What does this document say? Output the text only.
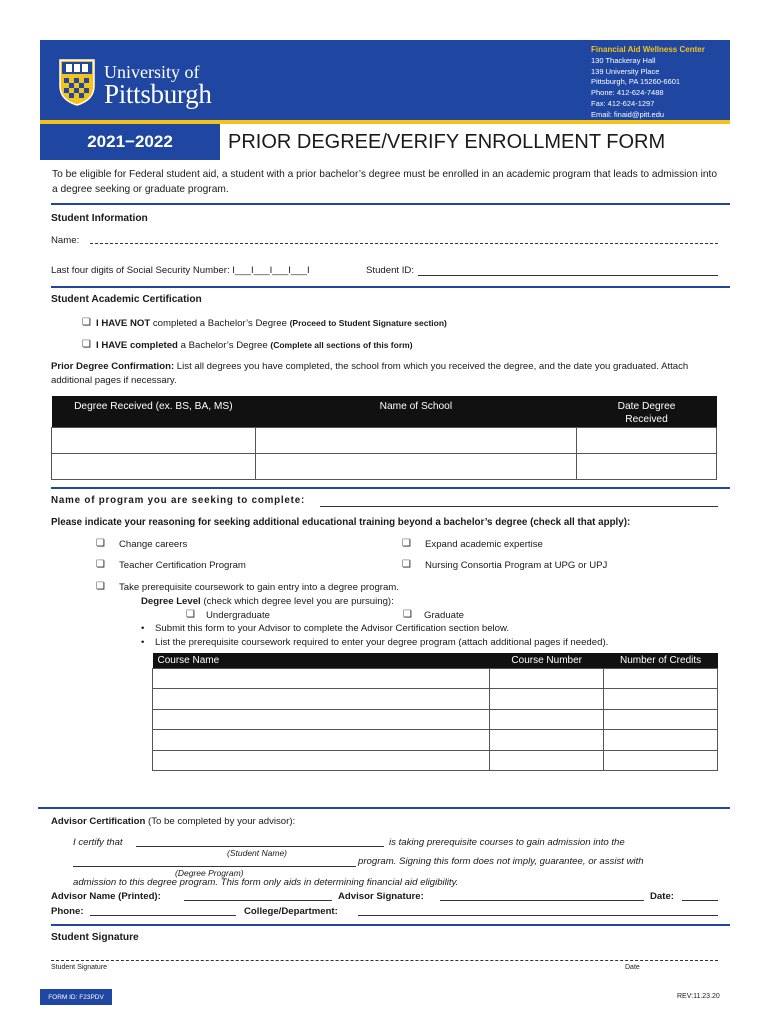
University of
Pittsburgh
Financial Aid Wellness Center
130 Thackeray Hall
139 University Place
Pittsburgh, PA 15260-6601
Phone: 412-624-7488
Fax: 412-624-1297
Email: finaid@pitt.edu
2021−2022	PRIOR DEGREE/VERIFY ENROLLMENT FORM
To be eligible for Federal student aid, a student with a prior bachelor’s degree must be enrolled in an academic program that leads to admission into a degree seeking or graduate program.
Student Information
Name:
Last four digits of Social Security Number: I___I___I___I___I	Student ID:
Student Academic Certification
❏ I HAVE NOT completed a Bachelor’s Degree (Proceed to Student Signature section)
❏ I HAVE completed a Bachelor’s Degree (Complete all sections of this form)
Prior Degree Confirmation: List all degrees you have completed, the school from which you received the degree, and the date you graduated. Attach additional pages if necessary.
Degree Received (ex. BS, BA, MS)	Name of School	Date Degree Received

Name of program you are seeking to complete:
Please indicate your reasoning for seeking additional educational training beyond a bachelor’s degree (check all that apply):
❏ Change careers	❏ Expand academic expertise
❏ Teacher Certification Program	❏ Nursing Consortia Program at UPG or UPJ
❏ Take prerequisite coursework to gain entry into a degree program.
Degree Level (check which degree level you are pursuing):
❏ Undergraduate	❏ Graduate
• Submit this form to your Advisor to complete the Advisor Certification section below.
• List the prerequisite coursework required to enter your degree program (attach additional pages if needed).
Course Name	Course Number	Number of Credits

Advisor Certification (To be completed by your advisor):
I certify that	is taking prerequisite courses to gain admission into the
(Student Name)
program. Signing this form does not imply, guarantee, or assist with
(Degree Program)
admission to this degree program. This form only aids in determining financial aid eligibility.
Advisor Name (Printed):	Advisor Signature:	Date:
Phone:	College/Department:
Student Signature
Student Signature	Date
FORM ID: F23PDV	REV:11.23.20
